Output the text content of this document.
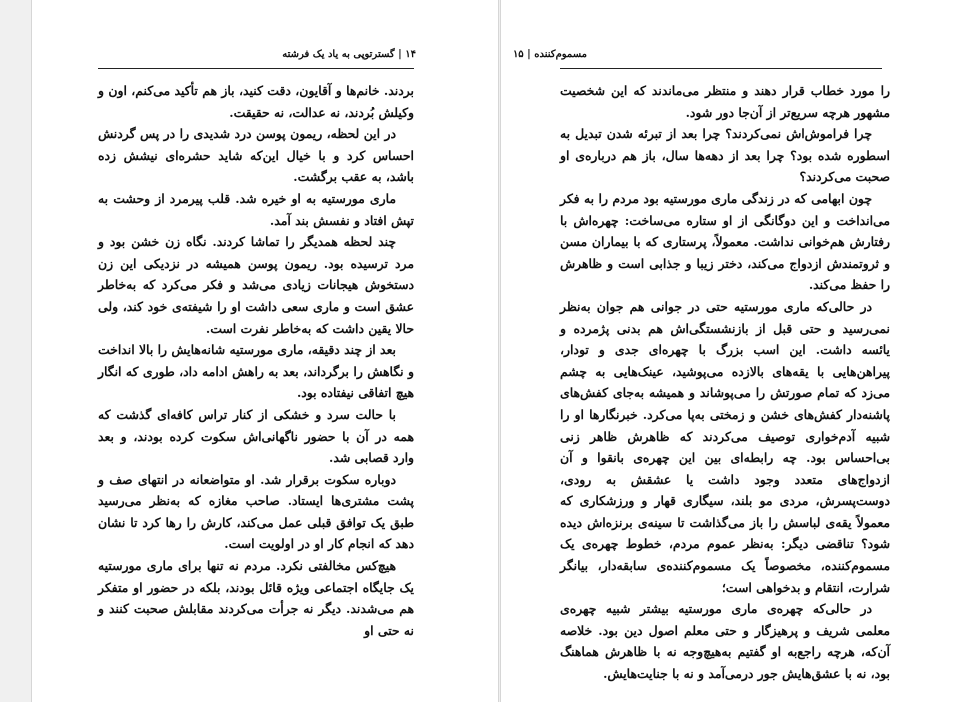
۱۴ | گسترتوپی به یاد یک فرشته

بردند. خانم‌ها و آقایون، دقت کنید، باز هم تأکید می‌کنم، اون و وکیلش بُردند، نه عدالت، نه حقیقت.

در این لحظه، ریمون پوسن درد شدیدی را در پس گردنش احساس کرد و با خیال این‌که شاید حشره‌ای نیشش زده باشد، به عقب برگشت.

ماری مورستیه به او خیره شد. قلب پیرمرد از وحشت به تپش افتاد و نفسش بند آمد.

چند لحظه همدیگر را تماشا کردند. نگاه زن خشن بود و مرد ترسیده بود. ریمون پوسن همیشه در نزدیکی این زن دستخوش هیجانات زیادی می‌شد و فکر می‌کرد که به‌خاطر عشق است و ماری سعی داشت او را شیفته‌ی خود کند، ولی حالا یقین داشت که به‌خاطر نفرت است.

بعد از چند دقیقه، ماری مورستیه شانه‌هایش را بالا انداخت و نگاهش را برگرداند، بعد به راهش ادامه داد، طوری که انگار هیچ اتفاقی نیفتاده بود.

با حالت سرد و خشکی از کنار تراس کافه‌ای گذشت که همه در آن با حضور ناگهانی‌اش سکوت کرده بودند، و بعد وارد قصابی شد.

دوباره سکوت برقرار شد. او متواضعانه در انتهای صف و پشت مشتری‌ها ایستاد. صاحب مغازه که به‌نظر می‌رسید طبق یک توافق قبلی عمل می‌کند، کارش را رها کرد تا نشان دهد که انجام کار او در اولویت است.

هیچ‌کس مخالفتی نکرد. مردم نه تنها برای ماری مورستیه یک جایگاه اجتماعی ویژه قائل بودند، بلکه در حضور او متفکر هم می‌شدند. دیگر نه جرأت می‌کردند مقابلش صحبت کنند و نه حتی او

مسموم‌کننده | ۱۵

را مورد خطاب قرار دهند و منتظر می‌ماندند که این شخصیت مشهور هرچه سریع‌تر از آن‌جا دور شود.

چرا فراموش‌اش نمی‌کردند؟ چرا بعد از تبرئه شدن تبدیل به اسطوره شده بود؟ چرا بعد از دهه‌ها سال، باز هم درباره‌ی او صحبت می‌کردند؟

چون ابهامی که در زندگی ماری مورستیه بود مردم را به فکر می‌انداخت و این دوگانگی از او ستاره می‌ساخت: چهره‌اش با رفتارش هم‌خوانی نداشت. معمولاً، پرستاری که با بیماران مسن و ثروتمندش ازدواج می‌کند، دختر زیبا و جذابی است و ظاهرش را حفظ می‌کند.

در حالی‌که ماری مورستیه حتی در جوانی هم جوان به‌نظر نمی‌رسید و حتی قبل از بازنشستگی‌اش هم بدنی پژمرده و یائسه داشت. این اسب بزرگ با چهره‌ای جدی و تودار، پیراهن‌هایی با یقه‌های بالازده می‌پوشید، عینک‌هایی به چشم می‌زد که تمام صورتش را می‌پوشاند و همیشه به‌جای کفش‌های پاشنه‌دار کفش‌های خشن و زمختی به‌پا می‌کرد. خبرنگارها او را شبیه آدم‌خواری توصیف می‌کردند که ظاهرش ظاهر زنی بی‌احساس بود. چه رابطه‌ای بین این چهره‌ی بانقوا و آن ازدواج‌های متعدد وجود داشت یا عشقش به رودی، دوست‌پسرش، مردی مو بلند، سیگاری قهار و ورزشکاری که معمولاً یقه‌ی لباسش را باز می‌گذاشت تا سینه‌ی برنزه‌اش دیده شود؟ تناقضی دیگر: به‌نظر عموم مردم، خطوط چهره‌ی یک مسموم‌کننده، مخصوصاً یک مسموم‌کننده‌ی سابقه‌دار، بیانگر شرارت، انتقام و بدخواهی است؛

در حالی‌که چهره‌ی ماری مورستیه بیشتر شبیه چهره‌ی معلمی شریف و پرهیزگار و حتی معلم اصول دین بود. خلاصه آن‌که، هرچه راجع‌به او گفتیم به‌هیچ‌وجه نه با ظاهرش هماهنگ بود، نه با عشق‌هایش جور درمی‌آمد و نه با جنایت‌هایش.
